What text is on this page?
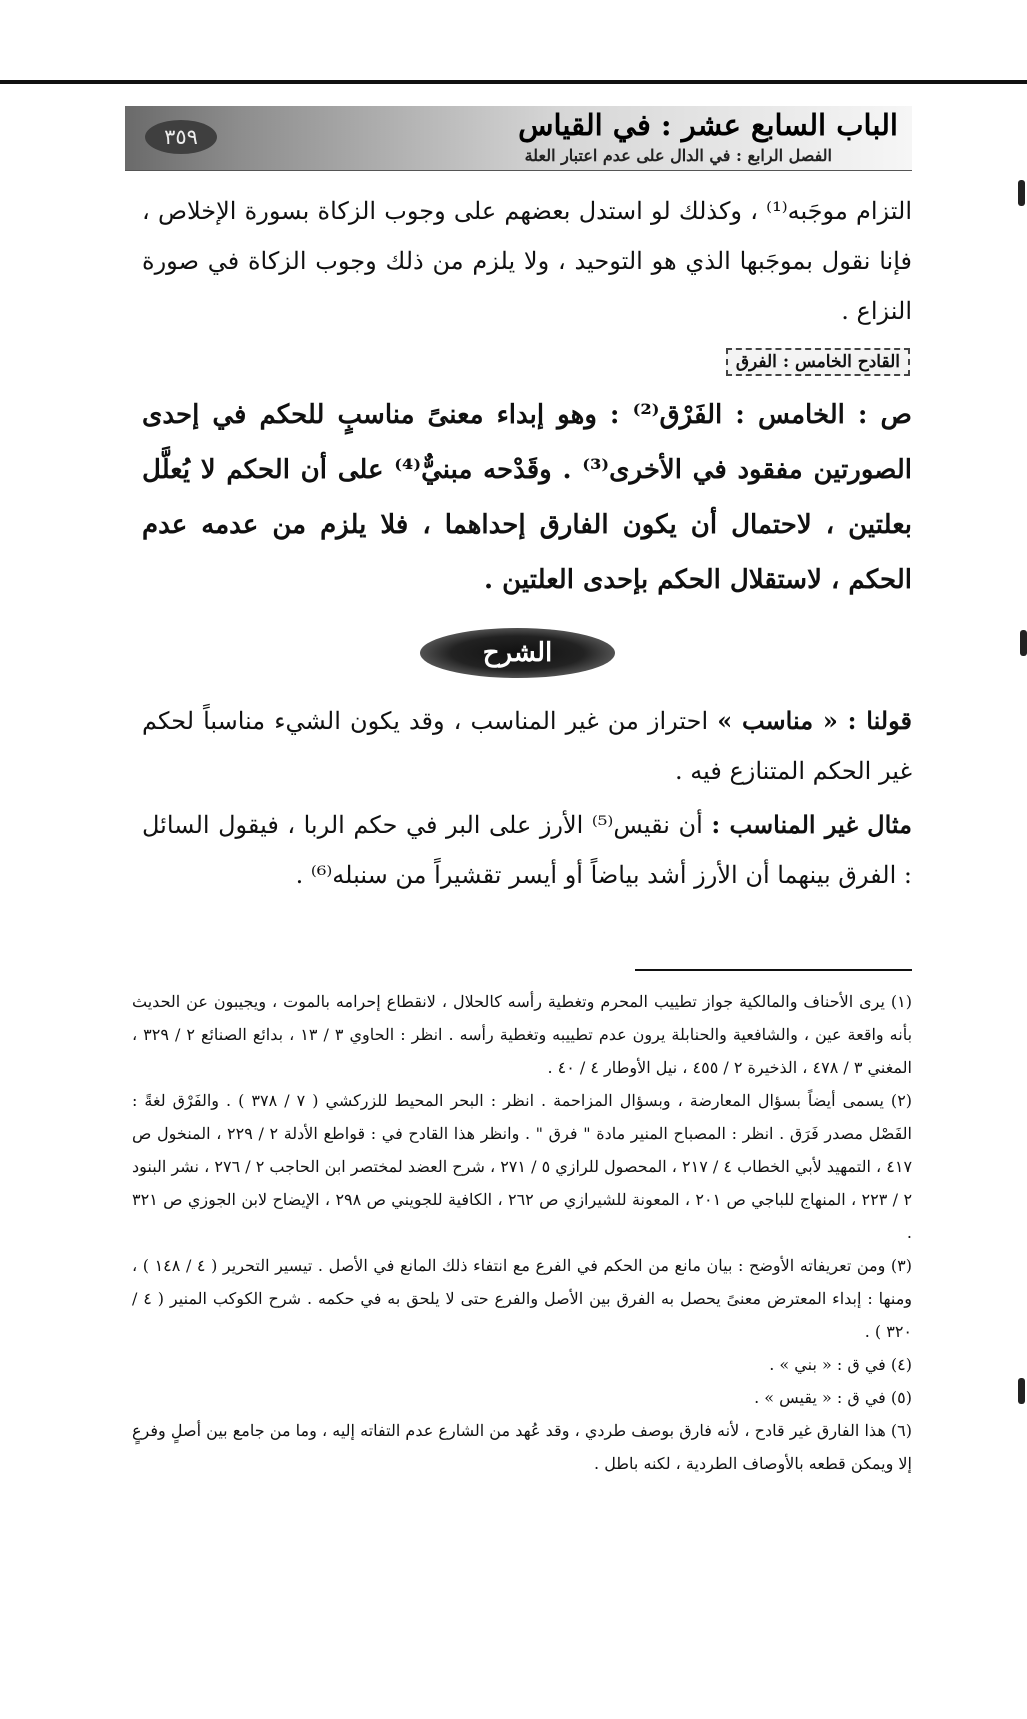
الباب السابع عشر : في القياس
الفصل الرابع : في الدال على عدم اعتبار العلة
٣٥٩

التزام موجَبه⁽¹⁾ ، وكذلك لو استدل بعضهم على وجوب الزكاة بسورة الإخلاص ، فإنا نقول بموجَبها الذي هو التوحيد ، ولا يلزم من ذلك وجوب الزكاة في صورة النزاع .

القادح الخامس : الفرق

ص : الخامس : الفَرْق⁽²⁾ : وهو إبداء معنىً مناسبٍ للحكم في إحدى الصورتين مفقود في الأخرى⁽³⁾ . وقَدْحه مبنيٌّ⁽⁴⁾ على أن الحكم لا يُعلَّل بعلتين ، لاحتمال أن يكون الفارق إحداهما ، فلا يلزم من عدمه عدم الحكم ، لاستقلال الحكم بإحدى العلتين .

الشرح

قولنا : « مناسب » احتراز من غير المناسب ، وقد يكون الشيء مناسباً لحكم غير الحكم المتنازع فيه .

مثال غير المناسب : أن نقيس⁽⁵⁾ الأرز على البر في حكم الربا ، فيقول السائل : الفرق بينهما أن الأرز أشد بياضاً أو أيسر تقشيراً من سنبله⁽⁶⁾ .

(١) يرى الأحناف والمالكية جواز تطييب المحرم وتغطية رأسه كالحلال ، لانقطاع إحرامه بالموت ، ويجيبون عن الحديث بأنه واقعة عين ، والشافعية والحنابلة يرون عدم تطييبه وتغطية رأسه . انظر : الحاوي ٣ / ١٣ ، بدائع الصنائع ٢ / ٣٢٩ ، المغني ٣ / ٤٧٨ ، الذخيرة ٢ / ٤٥٥ ، نيل الأوطار ٤ / ٤٠ .

(٢) يسمى أيضاً بسؤال المعارضة ، وبسؤال المزاحمة . انظر : البحر المحيط للزركشي ( ٧ / ٣٧٨ ) . والفَرْق لغةً : الفَصْل مصدر فَرَق . انظر : المصباح المنير مادة " فرق " . وانظر هذا القادح في : قواطع الأدلة ٢ / ٢٢٩ ، المنخول ص ٤١٧ ، التمهيد لأبي الخطاب ٤ / ٢١٧ ، المحصول للرازي ٥ / ٢٧١ ، شرح العضد لمختصر ابن الحاجب ٢ / ٢٧٦ ، نشر البنود ٢ / ٢٢٣ ، المنهاج للباجي ص ٢٠١ ، المعونة للشيرازي ص ٢٦٢ ، الكافية للجويني ص ٢٩٨ ، الإيضاح لابن الجوزي ص ٣٢١ .

(٣) ومن تعريفاته الأوضح : بيان مانع من الحكم في الفرع مع انتفاء ذلك المانع في الأصل . تيسير التحرير ( ٤ / ١٤٨ ) ، ومنها : إبداء المعترض معنىً يحصل به الفرق بين الأصل والفرع حتى لا يلحق به في حكمه . شرح الكوكب المنير ( ٤ / ٣٢٠ ) .

(٤) في ق : « بني » .

(٥) في ق : « يقيس » .

(٦) هذا الفارق غير قادح ، لأنه فارق بوصف طردي ، وقد عُهد من الشارع عدم التفاته إليه ، وما من جامع بين أصلٍ وفرعٍ إلا ويمكن قطعه بالأوصاف الطردية ، لكنه باطل .
